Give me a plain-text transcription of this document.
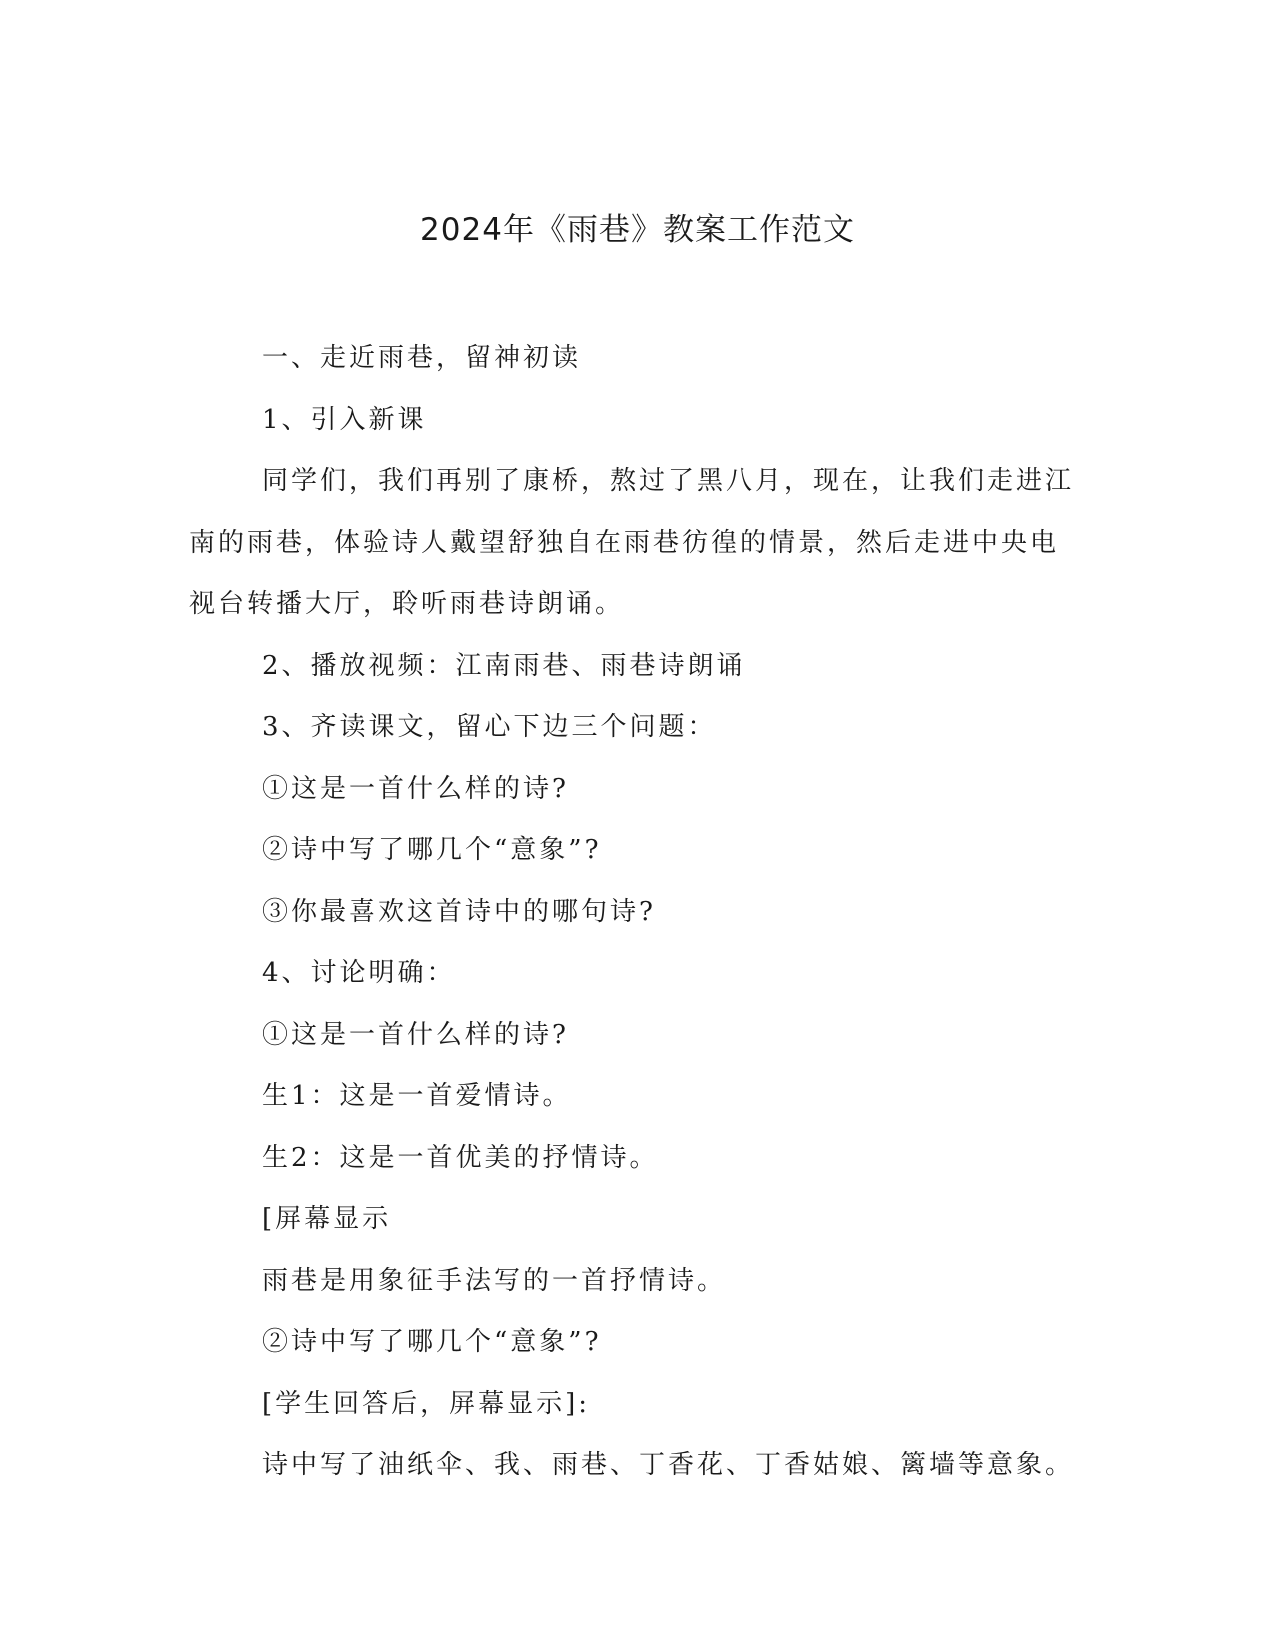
2024年《雨巷》教案工作范文

一、走近雨巷，留神初读

1、引入新课

同学们，我们再别了康桥，熬过了黑八月，现在，让我们走进江南的雨巷，体验诗人戴望舒独自在雨巷彷徨的情景，然后走进中央电视台转播大厅，聆听雨巷诗朗诵。

2、播放视频：江南雨巷、雨巷诗朗诵

3、齐读课文，留心下边三个问题：

①这是一首什么样的诗?

②诗中写了哪几个“意象”?

③你最喜欢这首诗中的哪句诗?

4、讨论明确：

①这是一首什么样的诗?

生1：这是一首爱情诗。

生2：这是一首优美的抒情诗。

[屏幕显示

雨巷是用象征手法写的一首抒情诗。

②诗中写了哪几个“意象”?

[学生回答后，屏幕显示]:

诗中写了油纸伞、我、雨巷、丁香花、丁香姑娘、篱墙等意象。
